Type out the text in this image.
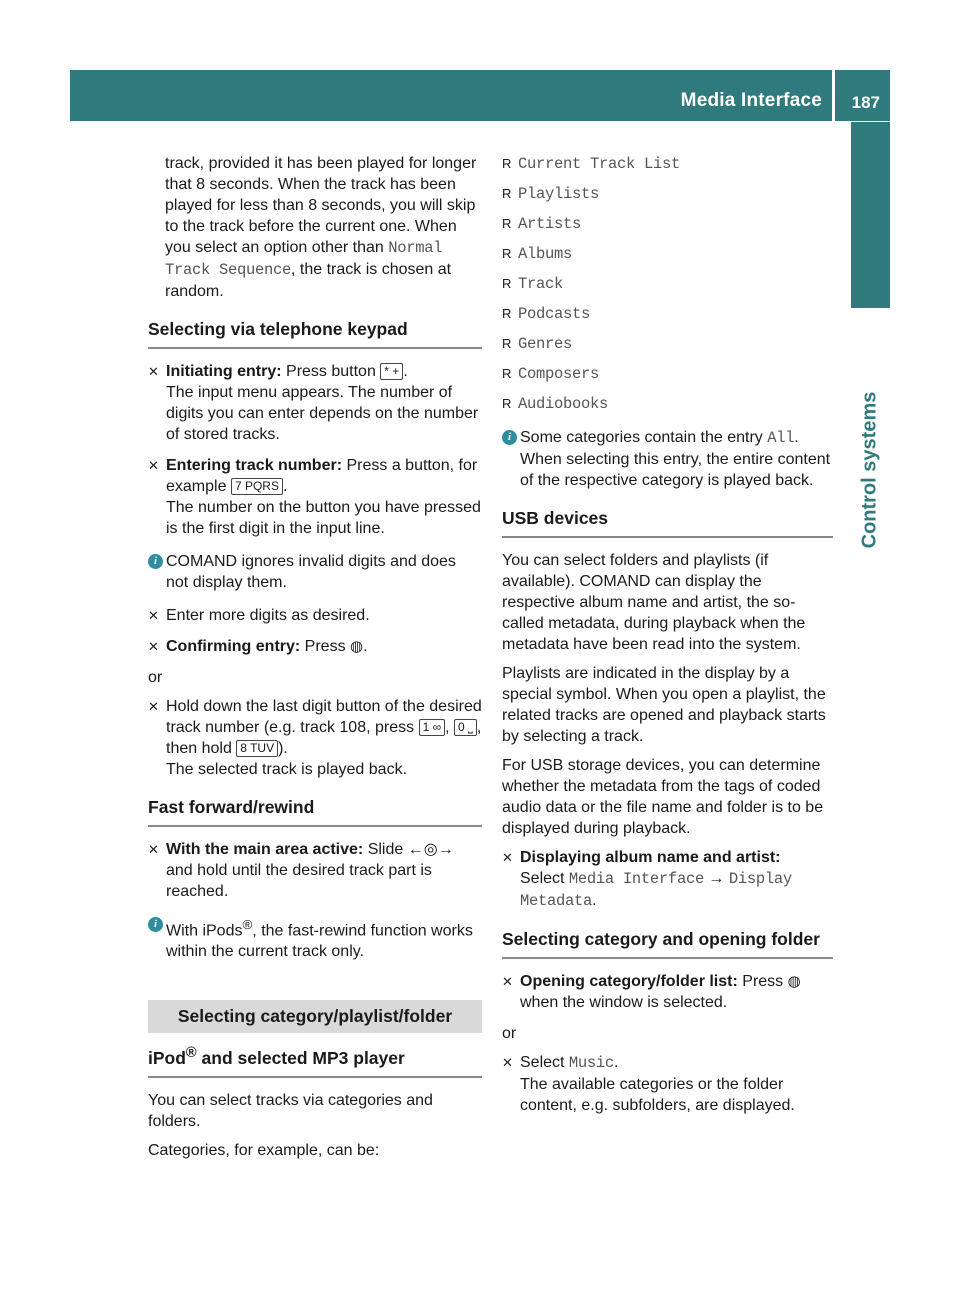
Media Interface 187
Control systems

track, provided it has been played for longer that 8 seconds. When the track has been played for less than 8 seconds, you will skip to the track before the current one. When you select an option other than Normal Track Sequence, the track is chosen at random.

Selecting via telephone keypad
✕ Initiating entry: Press button * + .
The input menu appears. The number of digits you can enter depends on the number of stored tracks.
✕ Entering track number: Press a button, for example 7 PQRS .
The number on the button you have pressed is the first digit in the input line.
i COMAND ignores invalid digits and does not display them.
✕ Enter more digits as desired.
✕ Confirming entry: Press ◍.

or

✕ Hold down the last digit button of the desired track number (e.g. track 108, press 1 ∞ , 0 ⎵ , then hold 8 TUV ).
The selected track is played back.
Fast forward/rewind
✕ With the main area active: Slide ←◎→ and hold until the desired track part is reached.
i With iPods®, the fast-rewind function works within the current track only.
Selecting category/playlist/folder
iPod® and selected MP3 player

You can select tracks via categories and folders.

Categories, for example, can be:

R Current Track List
R Playlists
R Artists
R Albums
R Track
R Podcasts
R Genres
R Composers
R Audiobooks
i Some categories contain the entry All. When selecting this entry, the entire content of the respective category is played back.
USB devices

You can select folders and playlists (if available). COMAND can display the respective album name and artist, the so-called metadata, during playback when the metadata have been read into the system.

Playlists are indicated in the display by a special symbol. When you open a playlist, the related tracks are opened and playback starts by selecting a track.

For USB storage devices, you can determine whether the metadata from the tags of coded audio data or the file name and folder is to be displayed during playback.

✕ Displaying album name and artist:
Select Media Interface → Display Metadata.
Selecting category and opening folder
✕ Opening category/folder list: Press ◍ when the window is selected.

or

✕ Select Music.
The available categories or the folder content, e.g. subfolders, are displayed.
